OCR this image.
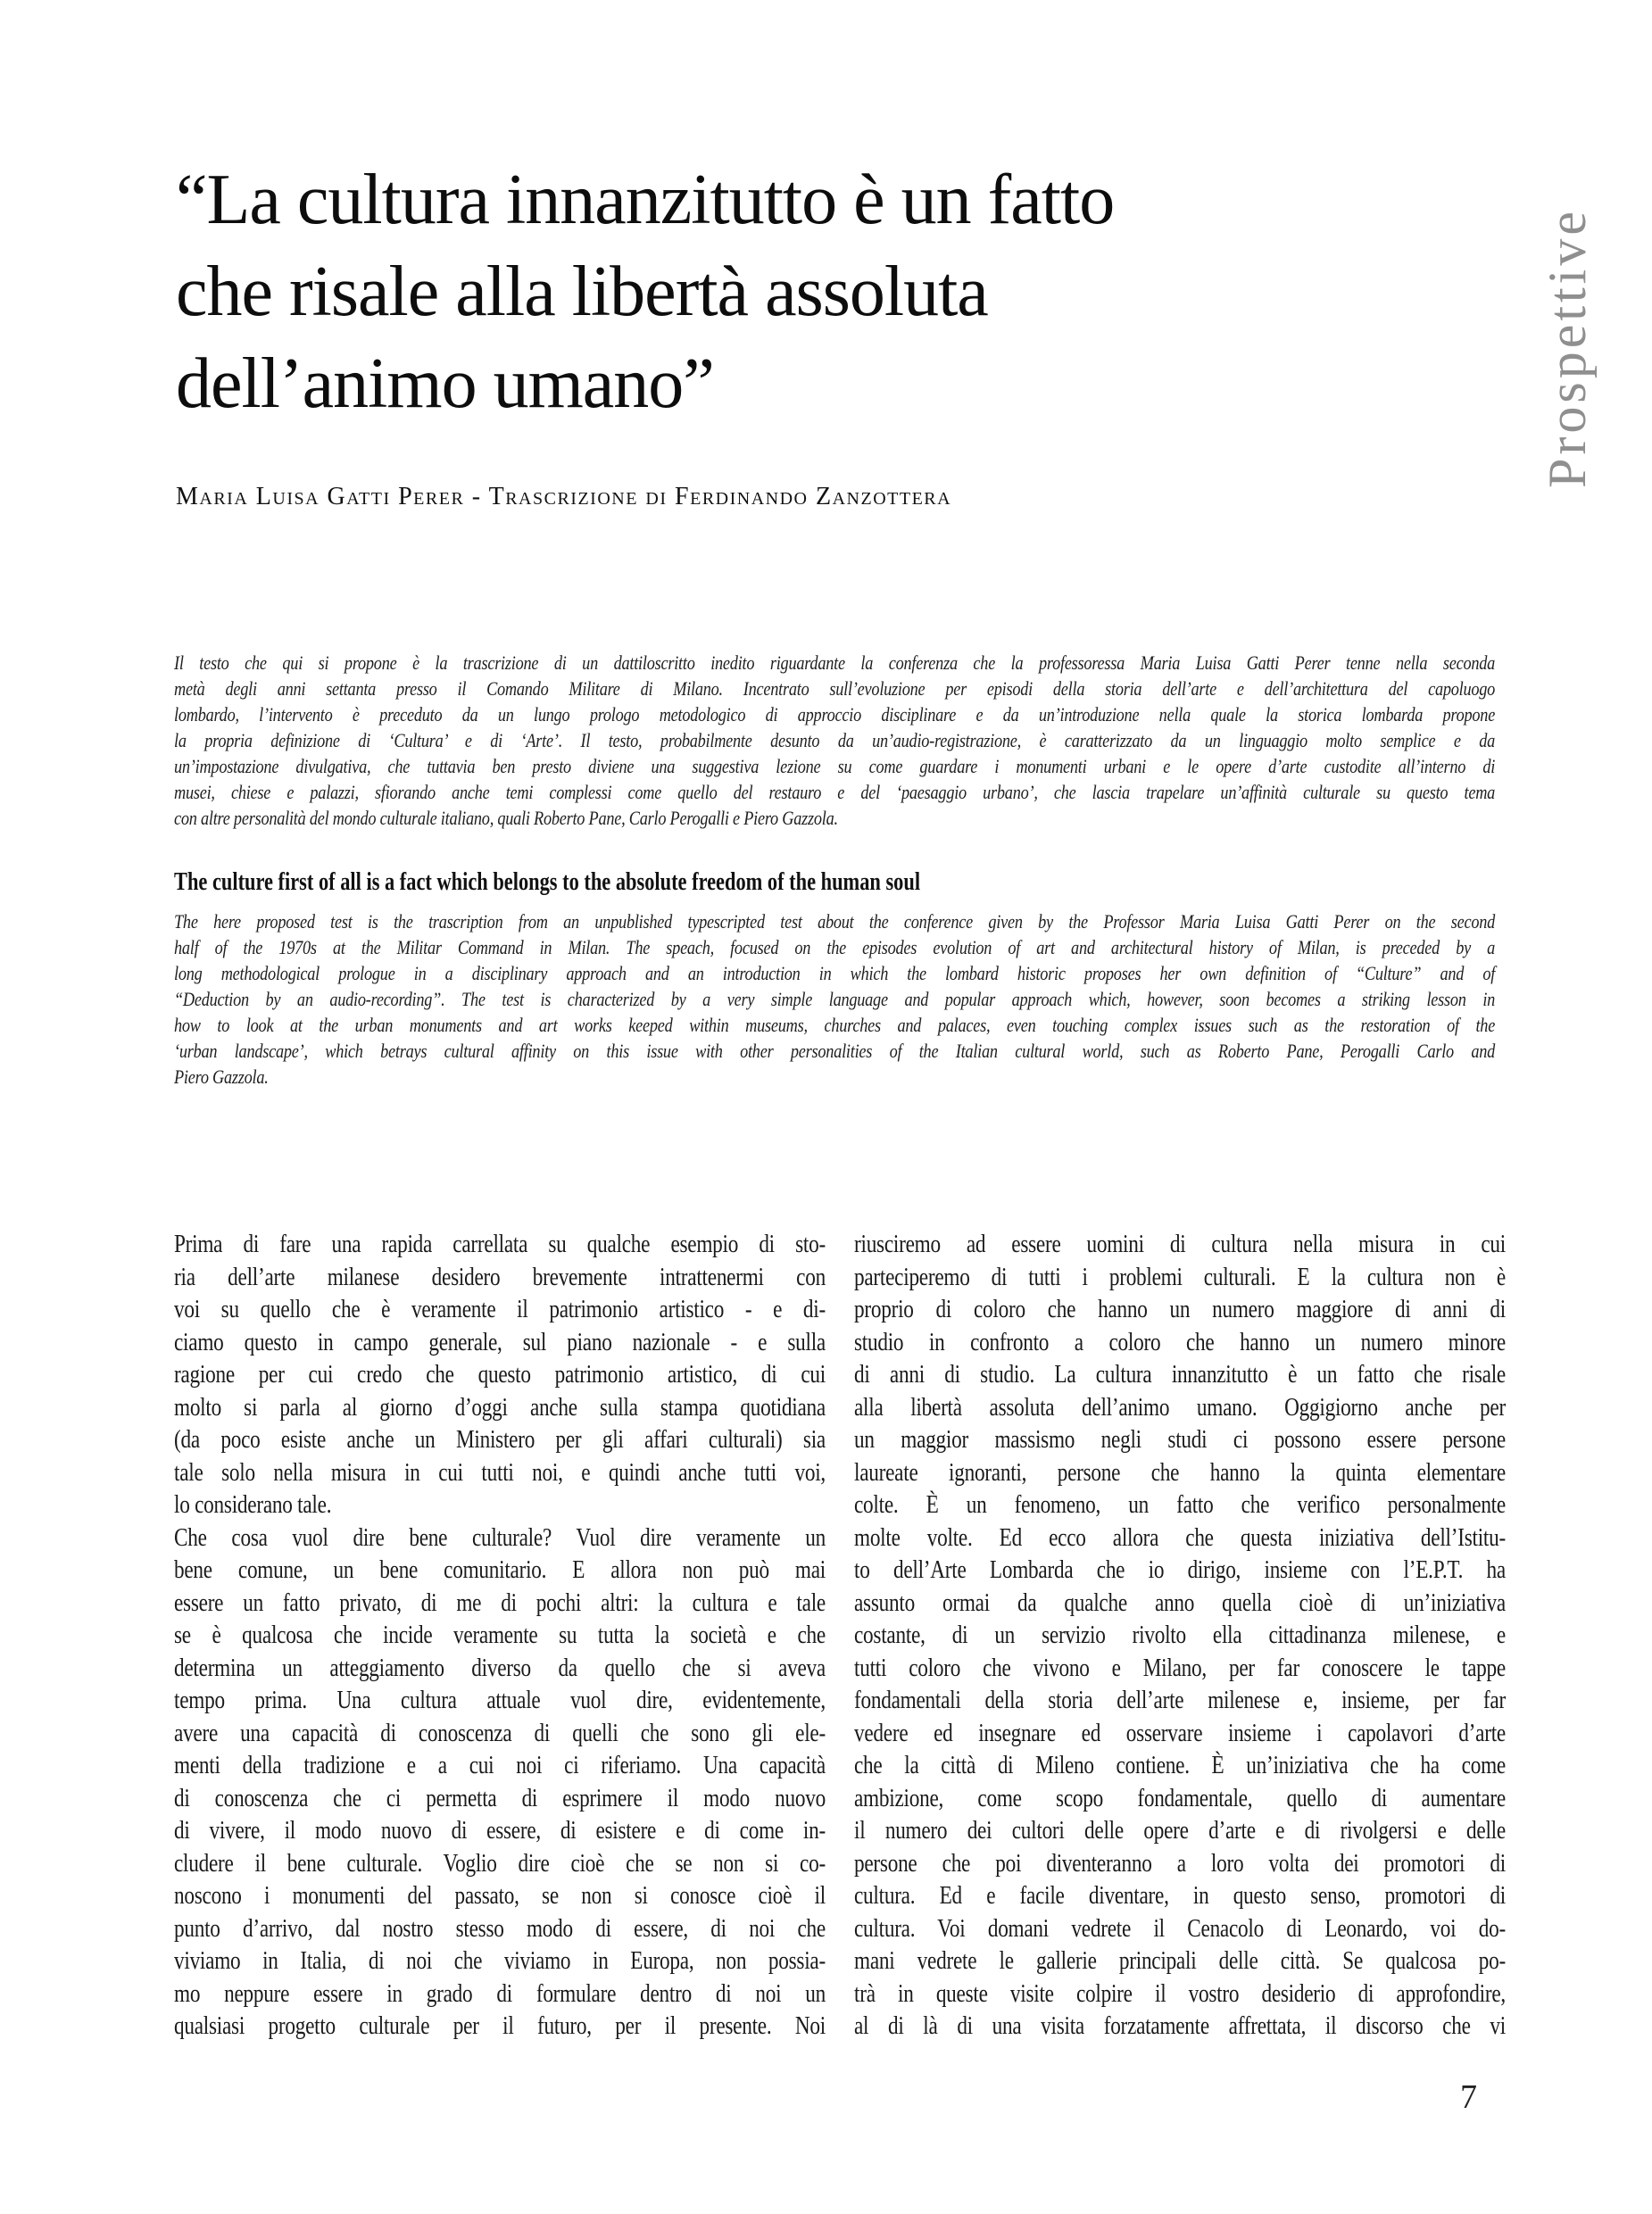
“La cultura innanzitutto è un fatto
che risale alla libertà assoluta
dell’animo umano”
Maria Luisa Gatti Perer - Trascrizione di Ferdinando Zanzottera
Il testo che qui si propone è la trascrizione di un dattiloscritto inedito riguardante la conferenza che la professoressa Maria Luisa Gatti Perer tenne nella seconda
metà degli anni settanta presso il Comando Militare di Milano. Incentrato sull’evoluzione per episodi della storia dell’arte e dell’architettura del capoluogo
lombardo, l’intervento è preceduto da un lungo prologo metodologico di approccio disciplinare e da un’introduzione nella quale la storica lombarda propone
la propria definizione di ‘Cultura’ e di ‘Arte’. Il testo, probabilmente desunto da un’audio-registrazione, è caratterizzato da un linguaggio molto semplice e da
un’impostazione divulgativa, che tuttavia ben presto diviene una suggestiva lezione su come guardare i monumenti urbani e le opere d’arte custodite all’interno di
musei, chiese e palazzi, sfiorando anche temi complessi come quello del restauro e del ‘paesaggio urbano’, che lascia trapelare un’affinità culturale su questo tema
con altre personalità del mondo culturale italiano, quali Roberto Pane, Carlo Perogalli e Piero Gazzola.
The culture first of all is a fact which belongs to the absolute freedom of the human soul
The here proposed test is the trascription from an unpublished typescripted test about the conference given by the Professor Maria Luisa Gatti Perer on the second
half of the 1970s at the Militar Command in Milan. The speach, focused on the episodes evolution of art and architectural history of Milan, is preceded by a
long methodological prologue in a disciplinary approach and an introduction in which the lombard historic proposes her own definition of “Culture” and of
“Deduction by an audio-recording”. The test is characterized by a very simple language and popular approach which, however, soon becomes a striking lesson in
how to look at the urban monuments and art works keeped within museums, churches and palaces, even touching complex issues such as the restoration of the
‘urban landscape’, which betrays cultural affinity on this issue with other personalities of the Italian cultural world, such as Roberto Pane, Perogalli Carlo and
Piero Gazzola.
Prima di fare una rapida carrellata su qualche esempio di sto-
ria dell’arte milanese desidero brevemente intrattenermi con
voi su quello che è veramente il patrimonio artistico - e di-
ciamo questo in campo generale, sul piano nazionale - e sulla
ragione per cui credo che questo patrimonio artistico, di cui
molto si parla al giorno d’oggi anche sulla stampa quotidiana
(da poco esiste anche un Ministero per gli affari culturali) sia
tale solo nella misura in cui tutti noi, e quindi anche tutti voi,
lo considerano tale.
Che cosa vuol dire bene culturale? Vuol dire veramente un
bene comune, un bene comunitario. E allora non può mai
essere un fatto privato, di me di pochi altri: la cultura e tale
se è qualcosa che incide veramente su tutta la società e che
determina un atteggiamento diverso da quello che si aveva
tempo prima. Una cultura attuale vuol dire, evidentemente,
avere una capacità di conoscenza di quelli che sono gli ele-
menti della tradizione e a cui noi ci riferiamo. Una capacità
di conoscenza che ci permetta di esprimere il modo nuovo
di vivere, il modo nuovo di essere, di esistere e di come in-
cludere il bene culturale. Voglio dire cioè che se non si co-
noscono i monumenti del passato, se non si conosce cioè il
punto d’arrivo, dal nostro stesso modo di essere, di noi che
viviamo in Italia, di noi che viviamo in Europa, non possia-
mo neppure essere in grado di formulare dentro di noi un
qualsiasi progetto culturale per il futuro, per il presente. Noi
riusciremo ad essere uomini di cultura nella misura in cui
parteciperemo di tutti i problemi culturali. E la cultura non è
proprio di coloro che hanno un numero maggiore di anni di
studio in confronto a coloro che hanno un numero minore
di anni di studio. La cultura innanzitutto è un fatto che risale
alla libertà assoluta dell’animo umano. Oggigiorno anche per
un maggior massismo negli studi ci possono essere persone
laureate ignoranti, persone che hanno la quinta elementare
colte. È un fenomeno, un fatto che verifico personalmente
molte volte. Ed ecco allora che questa iniziativa dell’Istitu-
to dell’Arte Lombarda che io dirigo, insieme con l’E.P.T. ha
assunto ormai da qualche anno quella cioè di un’iniziativa
costante, di un servizio rivolto ella cittadinanza milenese, e
tutti coloro che vivono e Milano, per far conoscere le tappe
fondamentali della storia dell’arte milenese e, insieme, per far
vedere ed insegnare ed osservare insieme i capolavori d’arte
che la città di Mileno contiene. È un’iniziativa che ha come
ambizione, come scopo fondamentale, quello di aumentare
il numero dei cultori delle opere d’arte e di rivolgersi e delle
persone che poi diventeranno a loro volta dei promotori di
cultura. Ed e facile diventare, in questo senso, promotori di
cultura. Voi domani vedrete il Cenacolo di Leonardo, voi do-
mani vedrete le gallerie principali delle città. Se qualcosa po-
trà in queste visite colpire il vostro desiderio di approfondire,
al di là di una visita forzatamente affrettata, il discorso che vi
7
Prospettive
